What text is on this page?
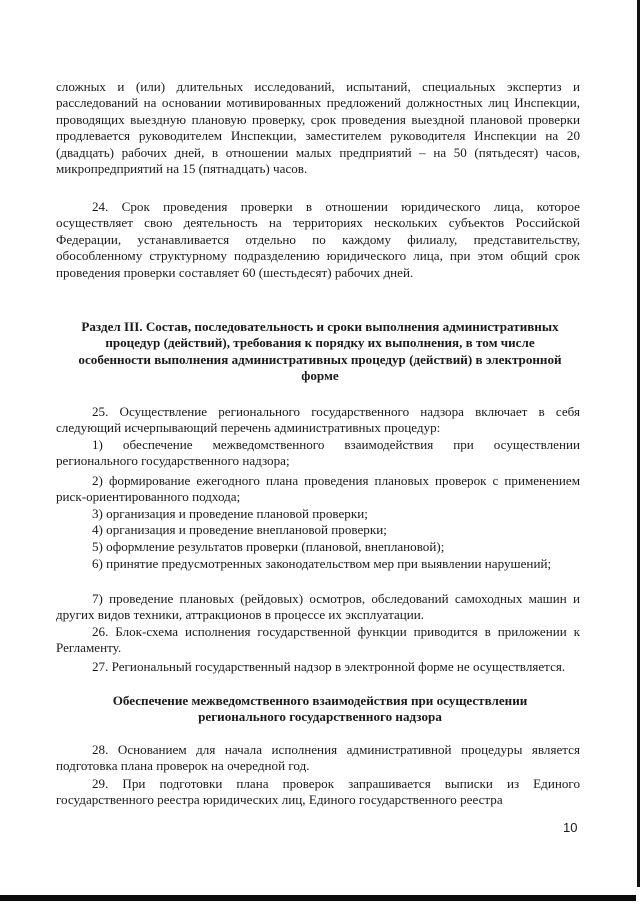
сложных и (или) длительных исследований, испытаний, специальных экспертиз и расследований на основании мотивированных предложений должностных лиц Инспекции, проводящих выездную плановую проверку, срок проведения выездной плановой проверки продлевается руководителем Инспекции, заместителем руководителя Инспекции на 20 (двадцать) рабочих дней, в отношении малых предприятий – на 50 (пятьдесят) часов, микропредприятий на 15 (пятнадцать) часов.

24. Срок проведения проверки в отношении юридического лица, которое осуществляет свою деятельность на территориях нескольких субъектов Российской Федерации, устанавливается отдельно по каждому филиалу, представительству, обособленному структурному подразделению юридического лица, при этом общий срок проведения проверки составляет 60 (шестьдесят) рабочих дней.

Раздел III. Состав, последовательность и сроки выполнения административных процедур (действий), требования к порядку их выполнения, в том числе особенности выполнения административных процедур (действий) в электронной форме

25. Осуществление регионального государственного надзора включает в себя следующий исчерпывающий перечень административных процедур:

1) обеспечение межведомственного взаимодействия при осуществлении регионального государственного надзора;

2) формирование ежегодного плана проведения плановых проверок с применением риск-ориентированного подхода;

3) организация и проведение плановой проверки;

4) организация и проведение внеплановой проверки;

5) оформление результатов проверки (плановой, внеплановой);

6) принятие предусмотренных законодательством мер при выявлении нарушений;

7) проведение плановых (рейдовых) осмотров, обследований самоходных машин и других видов техники, аттракционов в процессе их эксплуатации.

26. Блок-схема исполнения государственной функции приводится в приложении к Регламенту.

27. Региональный государственный надзор в электронной форме не осуществляется.

Обеспечение межведомственного взаимодействия при осуществлении регионального государственного надзора

28. Основанием для начала исполнения административной процедуры является подготовка плана проверок на очередной год.

29. При подготовки плана проверок запрашивается выписки из Единого государственного реестра юридических лиц, Единого государственного реестра

10
